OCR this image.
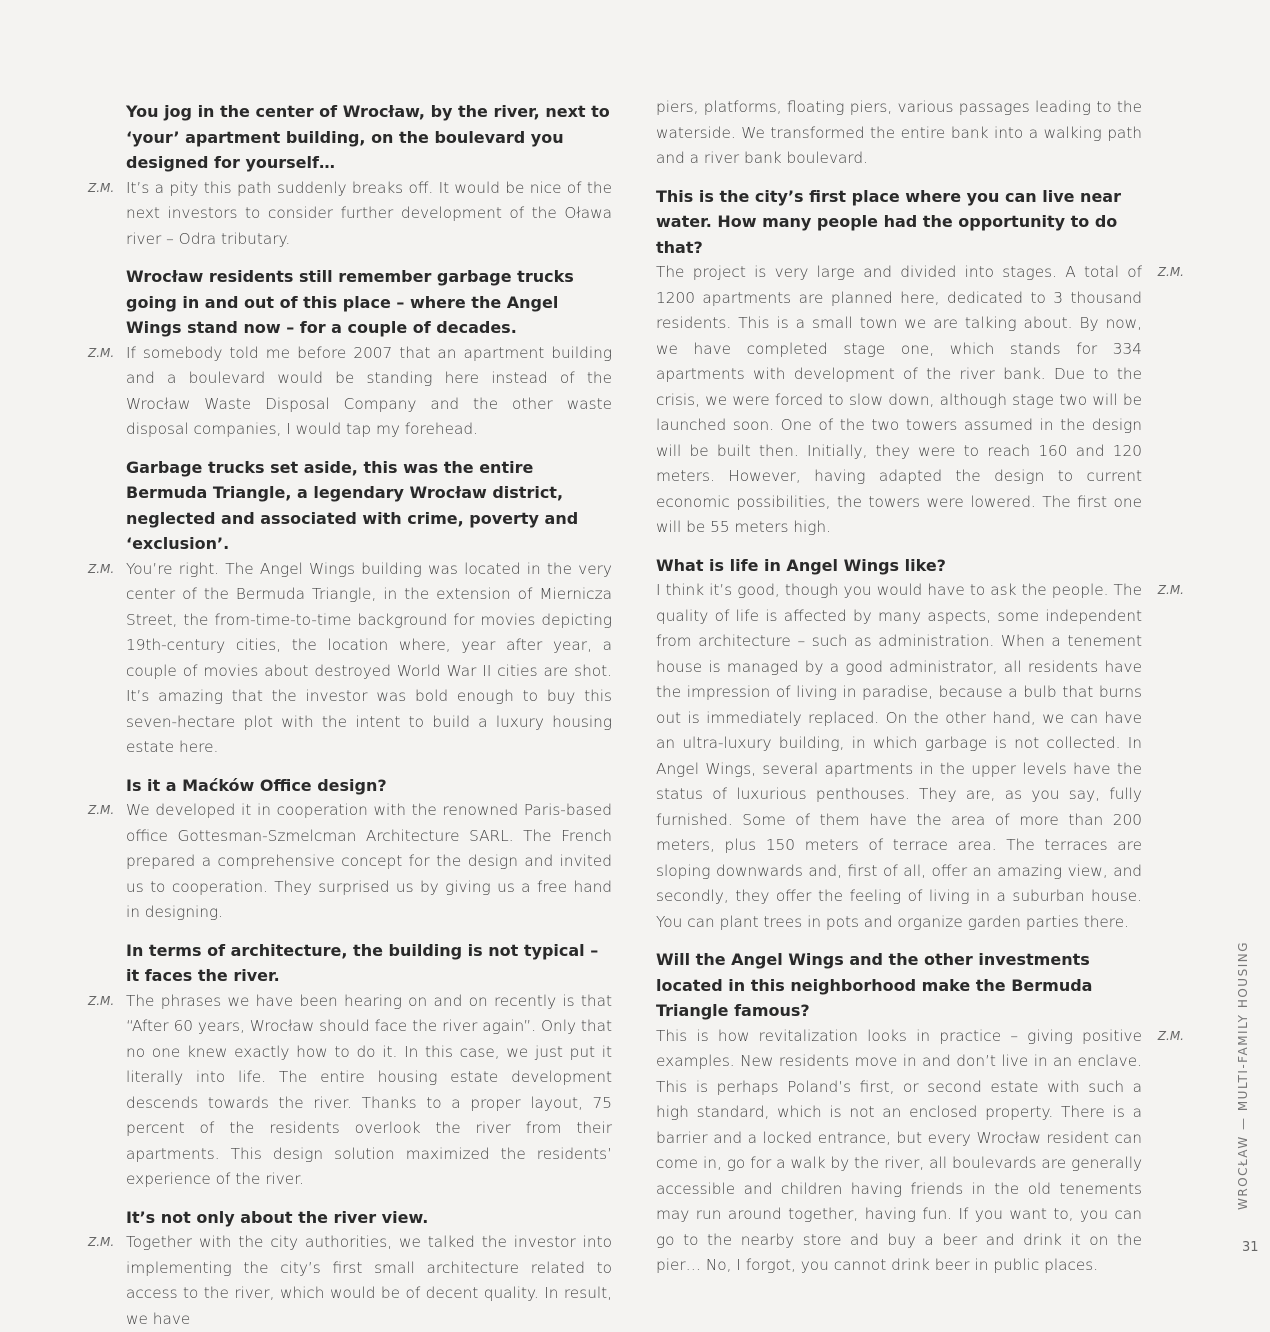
You jog in the center of Wrocław, by the river, next to ‘your’ apartment building, on the boulevard you designed for yourself…

Z.M. It’s a pity this path suddenly breaks off. It would be nice of the next investors to consider further development of the Oława river – Odra tributary.

Wrocław residents still remember garbage trucks going in and out of this place – where the Angel Wings stand now – for a couple of decades.

Z.M. If somebody told me before 2007 that an apartment building and a boulevard would be standing here instead of the Wrocław Waste Disposal Company and the other waste disposal companies, I would tap my forehead.

Garbage trucks set aside, this was the entire Bermuda Triangle, a legendary Wrocław district, neglected and associated with crime, poverty and ‘exclusion’.

Z.M. You’re right. The Angel Wings building was located in the very center of the Bermuda Triangle, in the extension of Miernicza Street, the from-time-to-time background for movies depicting 19th-century cities, the location where, year after year, a couple of movies about destroyed World War II cities are shot. It’s amazing that the investor was bold enough to buy this seven-hectare plot with the intent to build a luxury housing estate here.

Is it a Maćków Office design?

Z.M. We developed it in cooperation with the renowned Paris-based office Gottesman-Szmelcman Architecture SARL. The French prepared a comprehensive concept for the design and invited us to cooperation. They surprised us by giving us a free hand in designing.

In terms of architecture, the building is not typical – it faces the river.

Z.M. The phrases we have been hearing on and on recently is that “After 60 years, Wrocław should face the river again”. Only that no one knew exactly how to do it. In this case, we just put it literally into life. The entire housing estate development descends towards the river. Thanks to a proper layout, 75 percent of the residents overlook the river from their apartments. This design solution maximized the residents’ experience of the river.

It’s not only about the river view.

Z.M. Together with the city authorities, we talked the investor into implementing the city’s first small architecture related to access to the river, which would be of decent quality. In result, we have

piers, platforms, floating piers, various passages leading to the waterside. We transformed the entire bank into a walking path and a river bank boulevard.

This is the city’s first place where you can live near water. How many people had the opportunity to do that?

Z.M.

The project is very large and divided into stages. A total of 1200 apartments are planned here, dedicated to 3 thousand residents. This is a small town we are talking about. By now, we have completed stage one, which stands for 334 apartments with development of the river bank. Due to the crisis, we were forced to slow down, although stage two will be launched soon. One of the two towers assumed in the design will be built then. Initially, they were to reach 160 and 120 meters. However, having adapted the design to current economic possibilities, the towers were lowered. The first one will be 55 meters high.

What is life in Angel Wings like?

Z.M.

I think it’s good, though you would have to ask the people. The quality of life is affected by many aspects, some independent from architecture – such as administration. When a tenement house is managed by a good administrator, all residents have the impression of living in paradise, because a bulb that burns out is immediately replaced. On the other hand, we can have an ultra-luxury building, in which garbage is not collected. In Angel Wings, several apartments in the upper levels have the status of luxurious penthouses. They are, as you say, fully furnished. Some of them have the area of more than 200 meters, plus 150 meters of terrace area. The terraces are sloping downwards and, first of all, offer an amazing view, and secondly, they offer the feeling of living in a suburban house. You can plant trees in pots and organize garden parties there.

Will the Angel Wings and the other investments located in this neighborhood make the Bermuda Triangle famous?

Z.M.

This is how revitalization looks in practice – giving positive examples. New residents move in and don’t live in an enclave. This is perhaps Poland’s first, or second estate with such a high standard, which is not an enclosed property. There is a barrier and a locked entrance, but every Wrocław resident can come in, go for a walk by the river, all boulevards are generally accessible and children having friends in the old tenements may run around together, having fun. If you want to, you can go to the nearby store and buy a beer and drink it on the pier… No, I forgot, you cannot drink beer in public places.

WROCŁAW — MULTI-FAMILY HOUSING
31
